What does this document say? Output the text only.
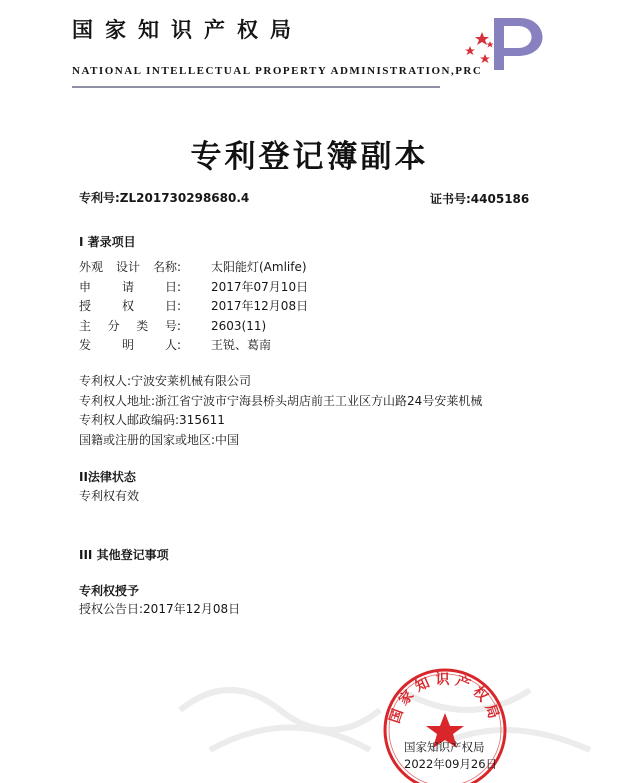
国家知识产权局
NATIONAL INTELLECTUAL PROPERTY ADMINISTRATION,PRC
专利登记簿副本
专利号:ZL201730298680.4	证书号:4405186
I 著录项目
外观 设计 名称:	太阳能灯(Amlife)
申	请	日:	2017年07月10日
授	权	日:	2017年12月08日
主 分 类 号:	2603(11)
发	明	人:	王锐、葛南
专利权人:宁波安莱机械有限公司
专利权人地址:浙江省宁波市宁海县桥头胡店前王工业区方山路24号安莱机械
专利权人邮政编码:315611
国籍或注册的国家或地区:中国
II法律状态
专利权有效
III 其他登记事项
专利权授予
授权公告日:2017年12月08日
国家知识产权局
国家知识产权局
2022年09月26日
